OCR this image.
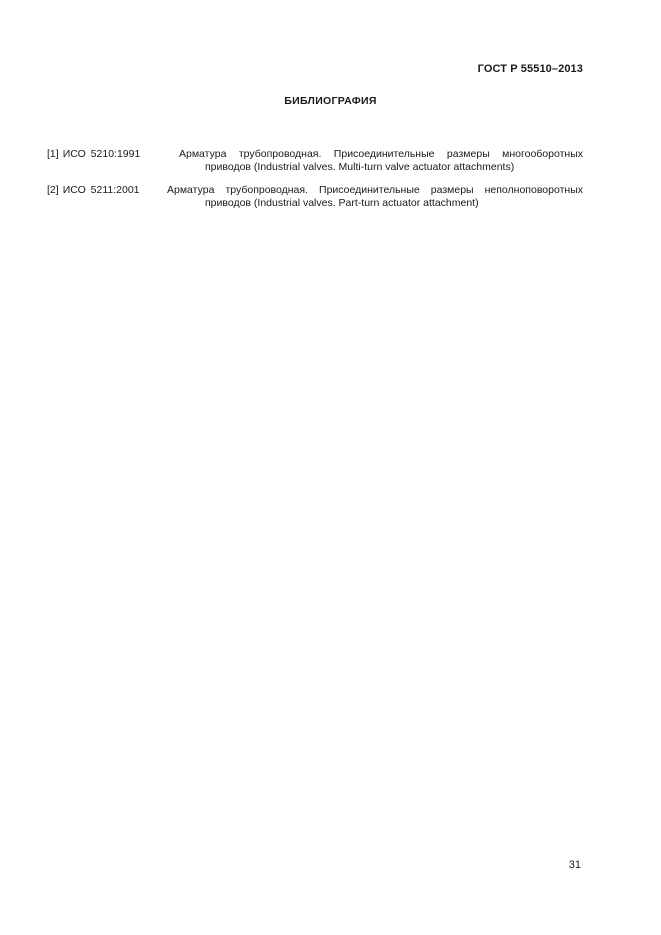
ГОСТ Р 55510–2013
БИБЛИОГРАФИЯ
[1] ИСО 5210:1991	Арматура трубопроводная. Присоединительные размеры многооборотных
приводов (Industrial valves. Multi-turn valve actuator attachments)
[2] ИСО 5211:2001	Арматура трубопроводная. Присоединительные размеры неполноповоротных
приводов (Industrial valves. Part-turn actuator attachment)
31
